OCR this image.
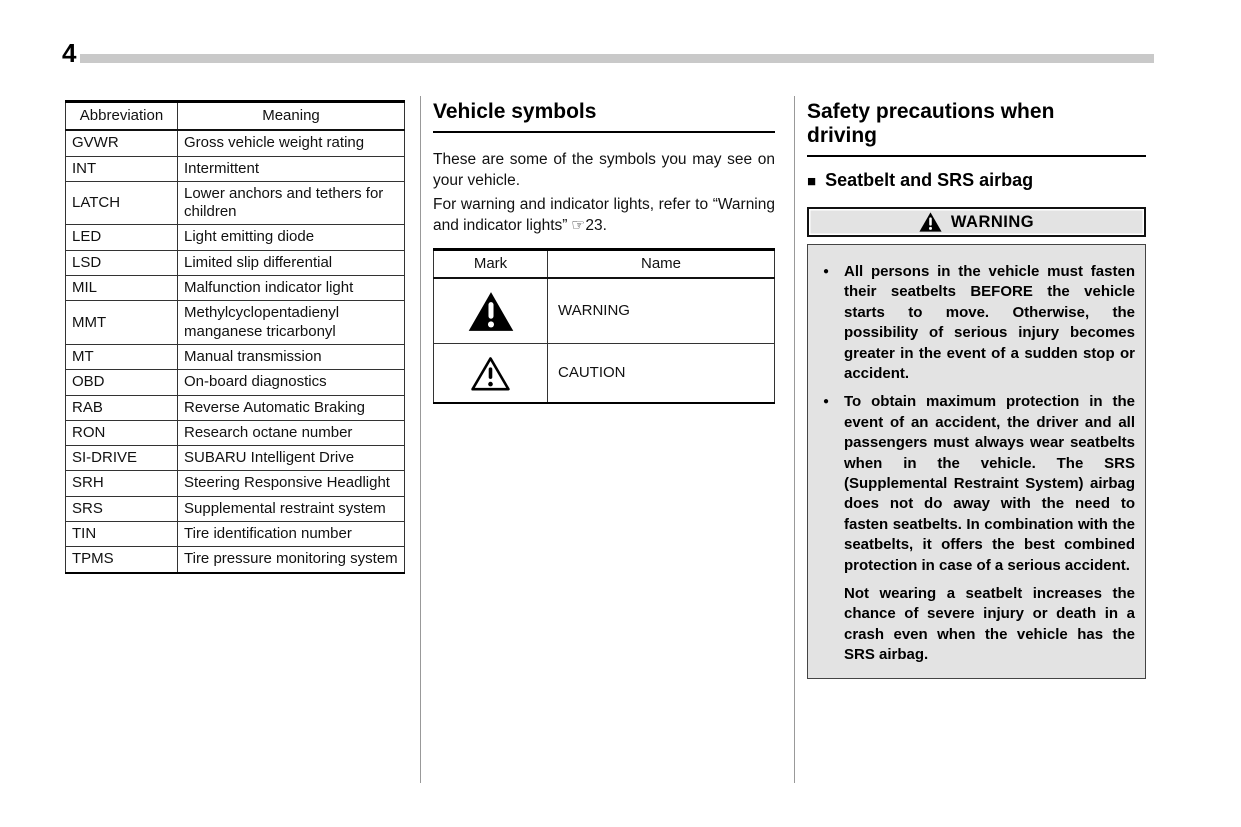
4
Abbreviation	Meaning
GVWR	Gross vehicle weight rating
INT	Intermittent
LATCH	Lower anchors and tethers for children
LED	Light emitting diode
LSD	Limited slip differential
MIL	Malfunction indicator light
MMT	Methylcyclopentadienyl manganese tricarbonyl
MT	Manual transmission
OBD	On-board diagnostics
RAB	Reverse Automatic Braking
RON	Research octane number
SI-DRIVE	SUBARU Intelligent Drive
SRH	Steering Responsive Headlight
SRS	Supplemental restraint system
TIN	Tire identification number
TPMS	Tire pressure monitoring system
Vehicle symbols

These are some of the symbols you may see on your vehicle.

For warning and indicator lights, refer to “Warning and indicator lights” ☞23.

Mark	Name
	WARNING
	CAUTION
Safety precautions when driving
■ Seatbelt and SRS airbag
WARNING
● All persons in the vehicle must fasten their seatbelts BEFORE the vehicle starts to move. Otherwise, the possibility of serious injury becomes greater in the event of a sudden stop or accident.
● To obtain maximum protection in the event of an accident, the driver and all passengers must always wear seatbelts when in the vehicle. The SRS (Supplemental Restraint System) airbag does not do away with the need to fasten seatbelts. In combination with the seatbelts, it offers the best combined protection in case of a serious accident.
Not wearing a seatbelt increases the chance of severe injury or death in a crash even when the vehicle has the SRS airbag.
